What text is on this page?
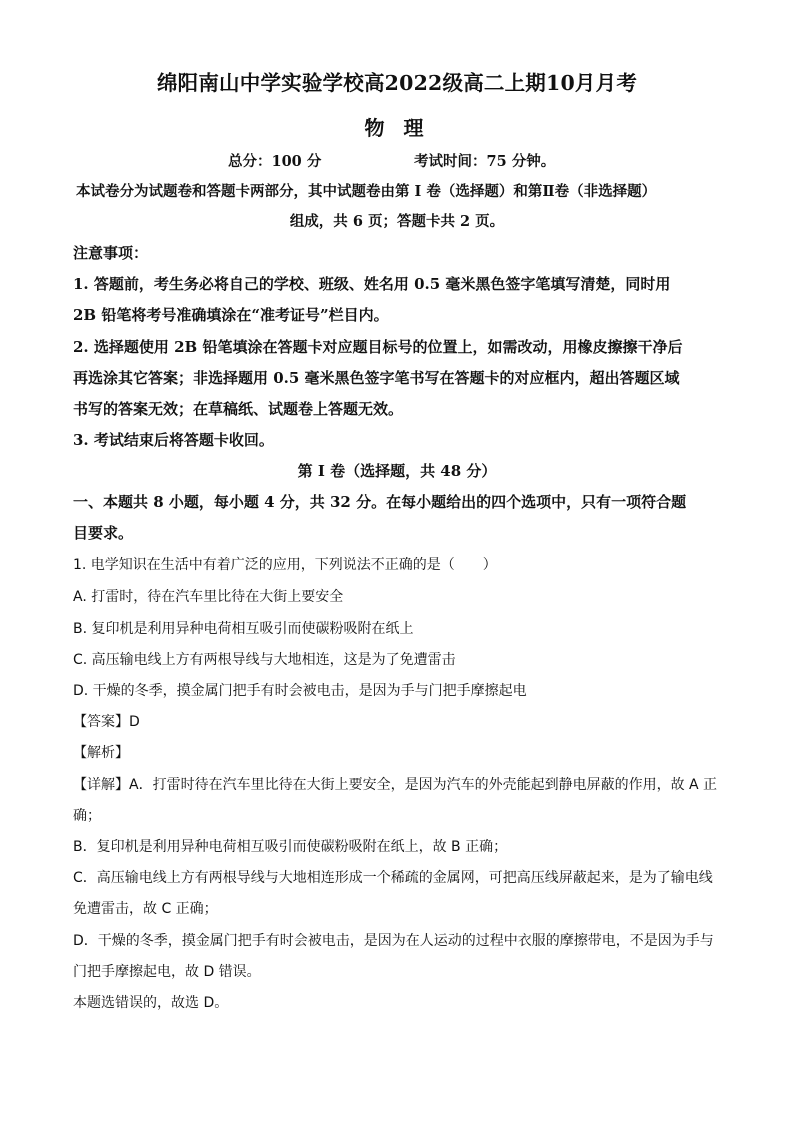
绵阳南山中学实验学校高2022级高二上期10月月考
物 理
总分：100 分	考试时间：75 分钟。
本试卷分为试题卷和答题卡两部分，其中试题卷由第 I 卷（选择题）和第Ⅱ卷（非选择题）
组成，共 6 页；答题卡共 2 页。
注意事项：
1. 答题前，考生务必将自己的学校、班级、姓名用 0.5 毫米黑色签字笔填写清楚，同时用
2B 铅笔将考号准确填涂在“准考证号”栏目内。
2. 选择题使用 2B 铅笔填涂在答题卡对应题目标号的位置上，如需改动，用橡皮擦擦干净后
再选涂其它答案；非选择题用 0.5 毫米黑色签字笔书写在答题卡的对应框内，超出答题区域
书写的答案无效；在草稿纸、试题卷上答题无效。
3. 考试结束后将答题卡收回。
第 I 卷（选择题，共 48 分）
一、本题共 8 小题，每小题 4 分，共 32 分。在每小题给出的四个选项中，只有一项符合题
目要求。
1. 电学知识在生活中有着广泛的应用，下列说法不正确的是（　　）
A. 打雷时，待在汽车里比待在大街上要安全
B. 复印机是利用异种电荷相互吸引而使碳粉吸附在纸上
C. 高压输电线上方有两根导线与大地相连，这是为了免遭雷击
D. 干燥的冬季，摸金属门把手有时会被电击，是因为手与门把手摩擦起电
【答案】D
【解析】
【详解】A．打雷时待在汽车里比待在大街上要安全，是因为汽车的外壳能起到静电屏蔽的作用，故 A 正
确；
B．复印机是利用异种电荷相互吸引而使碳粉吸附在纸上，故 B 正确；
C．高压输电线上方有两根导线与大地相连形成一个稀疏的金属网，可把高压线屏蔽起来，是为了输电线
免遭雷击，故 C 正确；
D．干燥的冬季，摸金属门把手有时会被电击，是因为在人运动的过程中衣服的摩擦带电，不是因为手与
门把手摩擦起电，故 D 错误。
本题选错误的，故选 D。
